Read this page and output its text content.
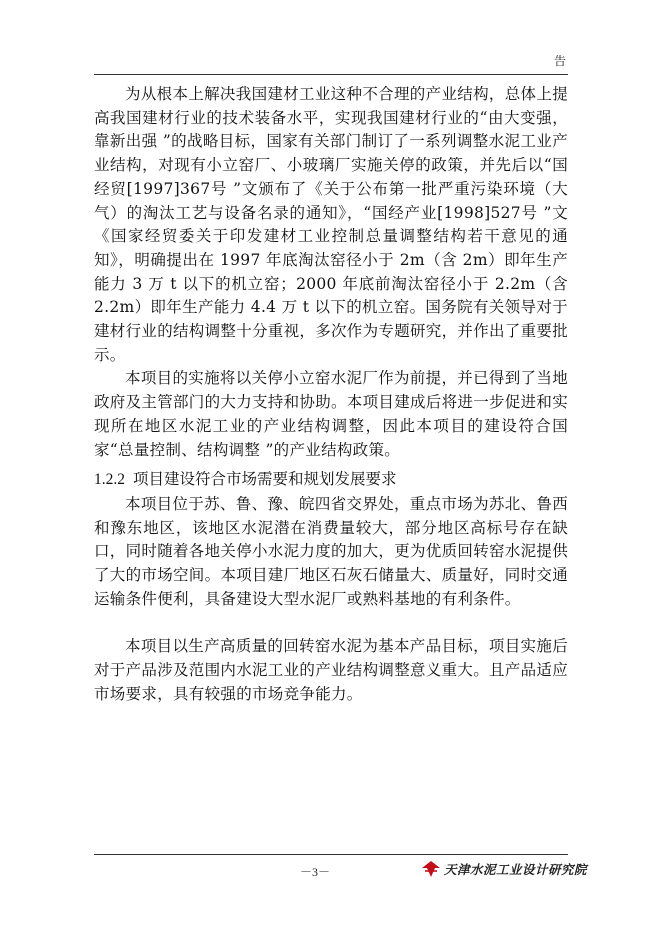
告

为从根本上解决我国建材工业这种不合理的产业结构，总体上提高我国建材行业的技术装备水平，实现我国建材行业的“由大变强，靠新出强 ”的战略目标，国家有关部门制订了一系列调整水泥工业产业结构，对现有小立窑厂、小玻璃厂实施关停的政策，并先后以“国经贸[1997]367号 ”文颁布了《关于公布第一批严重污染环境（大气）的淘汰工艺与设备名录的通知》，“国经产业[1998]527号 ”文《国家经贸委关于印发建材工业控制总量调整结构若干意见的通知》，明确提出在 1997 年底淘汰窑径小于 2m（含 2m）即年生产能力 3 万 t 以下的机立窑；2000 年底前淘汰窑径小于 2.2m（含 2.2m）即年生产能力 4.4 万 t 以下的机立窑。国务院有关领导对于建材行业的结构调整十分重视，多次作为专题研究，并作出了重要批示。

本项目的实施将以关停小立窑水泥厂作为前提，并已得到了当地政府及主管部门的大力支持和协助。本项目建成后将进一步促进和实现所在地区水泥工业的产业结构调整，因此本项目的建设符合国家“总量控制、结构调整 ”的产业结构政策。

1.2.2 项目建设符合市场需要和规划发展要求

本项目位于苏、鲁、豫、皖四省交界处，重点市场为苏北、鲁西和豫东地区，该地区水泥潜在消费量较大，部分地区高标号存在缺口，同时随着各地关停小水泥力度的加大，更为优质回转窑水泥提供了大的市场空间。本项目建厂地区石灰石储量大、质量好，同时交通运输条件便利，具备建设大型水泥厂或熟料基地的有利条件。

本项目以生产高质量的回转窑水泥为基本产品目标，项目实施后对于产品涉及范围内水泥工业的产业结构调整意义重大。且产品适应市场要求，具有较强的市场竞争能力。

－3－	天津水泥工业设计研究院
